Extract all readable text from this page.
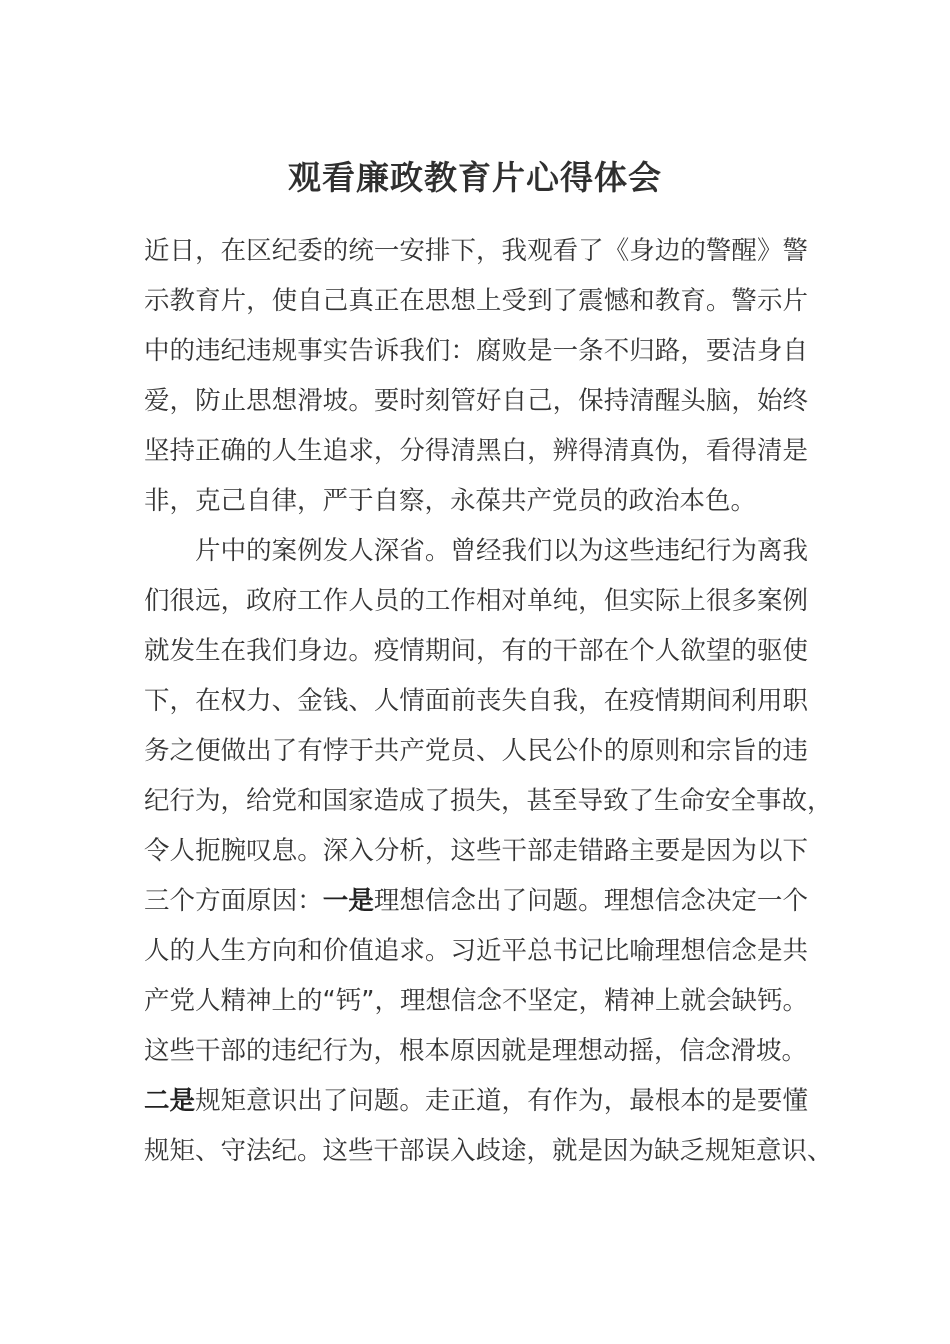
观看廉政教育片心得体会
近日，在区纪委的统一安排下，我观看了《身边的警醒》警
示教育片，使自己真正在思想上受到了震憾和教育。警示片
中的违纪违规事实告诉我们：腐败是一条不归路，要洁身自
爱，防止思想滑坡。要时刻管好自己，保持清醒头脑，始终
坚持正确的人生追求，分得清黑白，辨得清真伪，看得清是
非，克己自律，严于自察，永葆共产党员的政治本色。
片中的案例发人深省。曾经我们以为这些违纪行为离我
们很远，政府工作人员的工作相对单纯，但实际上很多案例
就发生在我们身边。疫情期间，有的干部在个人欲望的驱使
下，在权力、金钱、人情面前丧失自我，在疫情期间利用职
务之便做出了有悖于共产党员、人民公仆的原则和宗旨的违
纪行为，给党和国家造成了损失，甚至导致了生命安全事故，
令人扼腕叹息。深入分析，这些干部走错路主要是因为以下
三个方面原因：一是理想信念出了问题。理想信念决定一个
人的人生方向和价值追求。习近平总书记比喻理想信念是共
产党人精神上的“钙”，理想信念不坚定，精神上就会缺钙。
这些干部的违纪行为，根本原因就是理想动摇，信念滑坡。
二是规矩意识出了问题。走正道，有作为，最根本的是要懂
规矩、守法纪。这些干部误入歧途，就是因为缺乏规矩意识、
